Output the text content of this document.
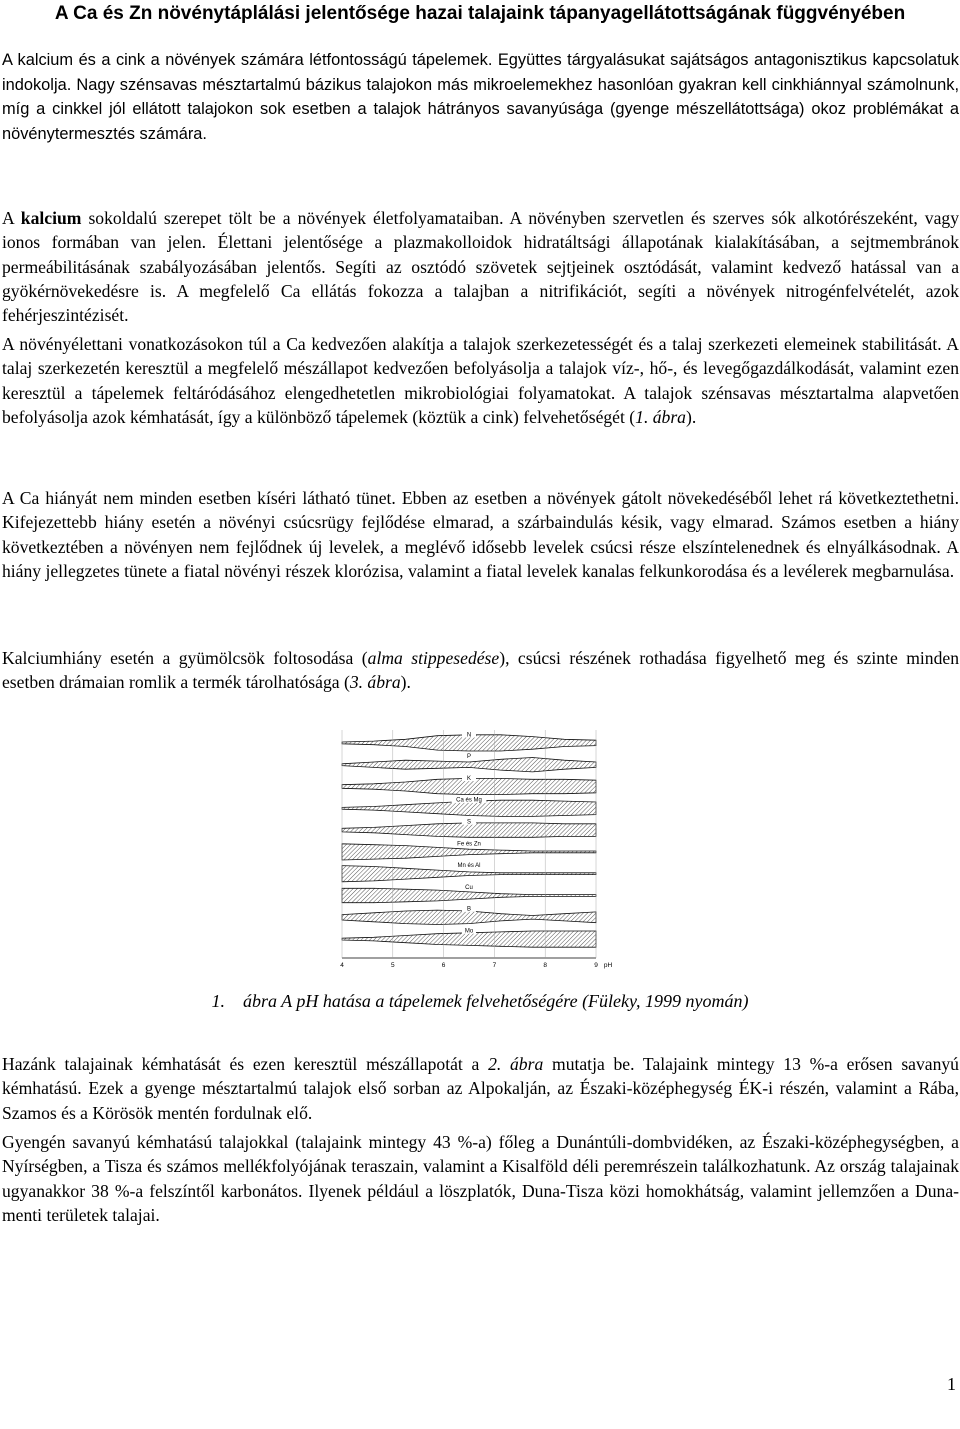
A Ca és Zn növénytáplálási jelentősége hazai talajaink tápanyagellátottságának függvényében

A kalcium és a cink a növények számára létfontosságú tápelemek. Együttes tárgyalásukat sajátságos antagonisztikus kapcsolatuk indokolja. Nagy szénsavas mésztartalmú bázikus talajokon más mikroelemekhez hasonlóan gyakran kell cinkhiánnyal számolnunk, míg a cinkkel jól ellátott talajokon sok esetben a talajok hátrányos savanyúsága (gyenge mészellátottsága) okoz problémákat a növénytermesztés számára.

A kalcium sokoldalú szerepet tölt be a növények életfolyamataiban. A növényben szervetlen és szerves sók alkotórészeként, vagy ionos formában van jelen. Élettani jelentősége a plazmakolloidok hidratáltsági állapotának kialakításában, a sejtmembránok permeábilitásának szabályozásában jelentős. Segíti az osztódó szövetek sejtjeinek osztódását, valamint kedvező hatással van a gyökérnövekedésre is. A megfelelő Ca ellátás fokozza a talajban a nitrifikációt, segíti a növények nitrogénfelvételét, azok fehérjeszintézisét.

A növényélettani vonatkozásokon túl a Ca kedvezően alakítja a talajok szerkezetességét és a talaj szerkezeti elemeinek stabilitását. A talaj szerkezetén keresztül a megfelelő mészállapot kedvezően befolyásolja a talajok víz-, hő-, és levegőgazdálkodását, valamint ezen keresztül a tápelemek feltáródásához elengedhetetlen mikrobiológiai folyamatokat. A talajok szénsavas mésztartalma alapvetően befolyásolja azok kémhatását, így a különböző tápelemek (köztük a cink) felvehetőségét (1. ábra).

A Ca hiányát nem minden esetben kíséri látható tünet. Ebben az esetben a növények gátolt növekedéséből lehet rá következtethetni. Kifejezettebb hiány esetén a növényi csúcsrügy fejlődése elmarad, a szárbaindulás késik, vagy elmarad. Számos esetben a hiány következtében a növényen nem fejlődnek új levelek, a meglévő idősebb levelek csúcsi része elszíntelenednek és elnyálkásodnak. A hiány jellegzetes tünete a fiatal növényi részek klorózisa, valamint a fiatal levelek kanalas felkunkorodása és a levélerek megbarnulása.

Kalciumhiány esetén a gyümölcsök foltosodása (alma stippesedése), csúcsi részének rothadása figyelhető meg és szinte minden esetben drámaian romlik a termék tárolhatósága (3. ábra).

N
P
K
Ca és Mg
S
Fe és Zn
Mn és Al
Cu
B
Mo
4	5	6	7	8	9 pH
1. ábra A pH hatása a tápelemek felvehetőségére (Füleky, 1999 nyomán)

Hazánk talajainak kémhatását és ezen keresztül mészállapotát a 2. ábra mutatja be. Talajaink mintegy 13 %-a erősen savanyú kémhatású. Ezek a gyenge mésztartalmú talajok első sorban az Alpokalján, az Északi-középhegység ÉK-i részén, valamint a Rába, Szamos és a Körösök mentén fordulnak elő.

Gyengén savanyú kémhatású talajokkal (talajaink mintegy 43 %-a) főleg a Dunántúli-dombvidéken, az Északi-középhegységben, a Nyírségben, a Tisza és számos mellékfolyójának teraszain, valamint a Kisalföld déli peremrészein találkozhatunk. Az ország talajainak ugyanakkor 38 %-a felszíntől karbonátos. Ilyenek például a löszplatók, Duna-Tisza közi homokhátság, valamint jellemzően a Duna-menti területek talajai.

1
